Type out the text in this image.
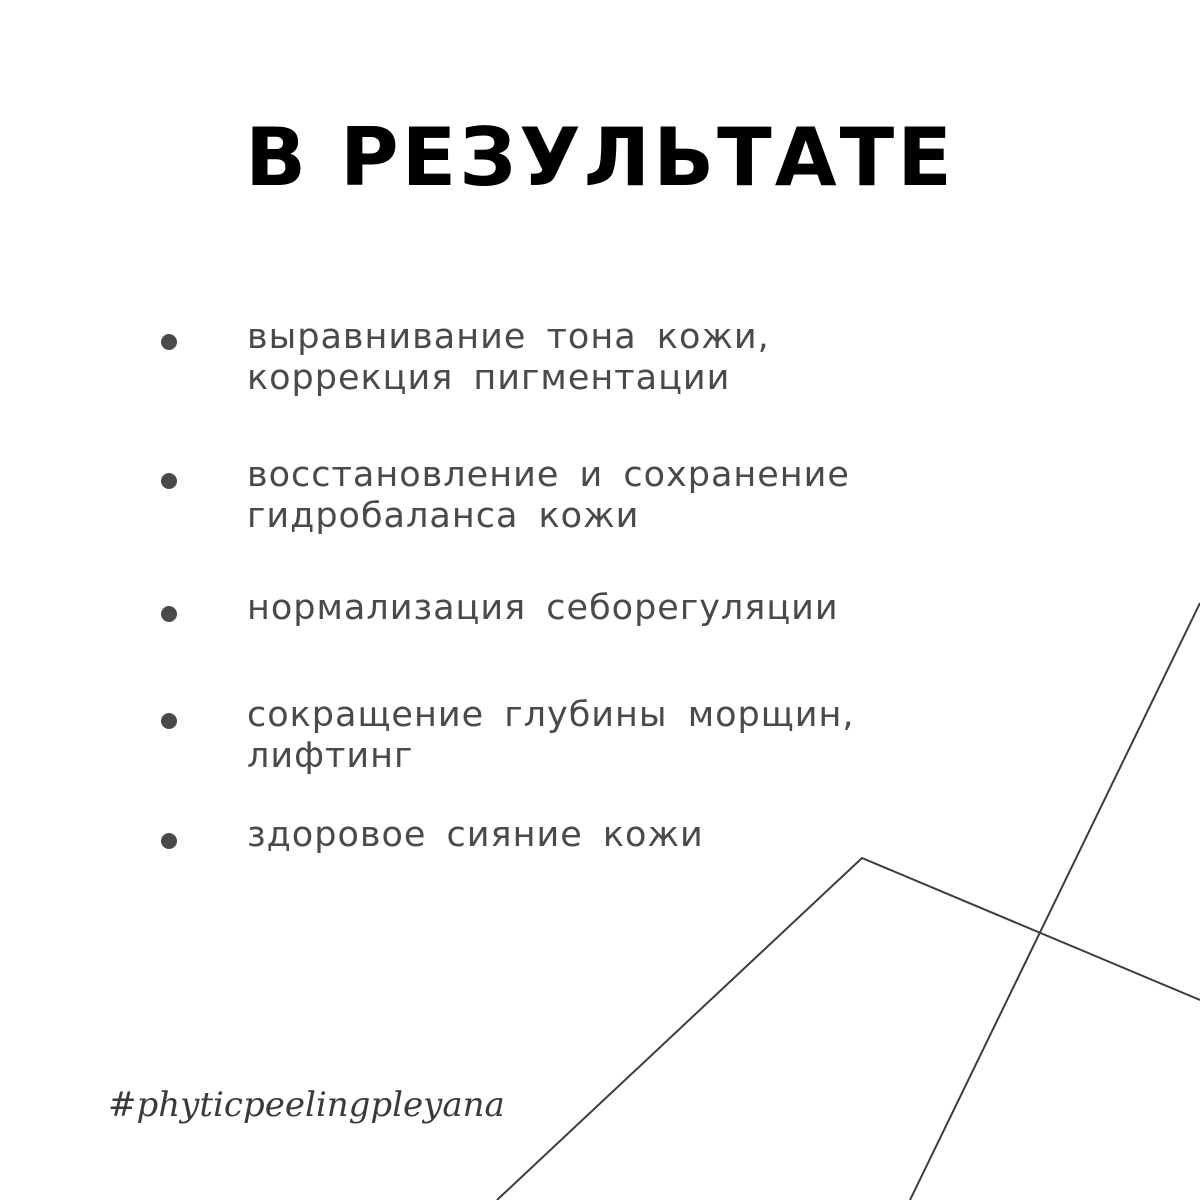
В РЕЗУЛЬТАТЕ
выравнивание тона кожи,
коррекция пигментации
восстановление и сохранение
гидробаланса кожи
нормализация себорегуляции
сокращение глубины морщин,
лифтинг
здоровое сияние кожи
#phyticpeelingpleyana
